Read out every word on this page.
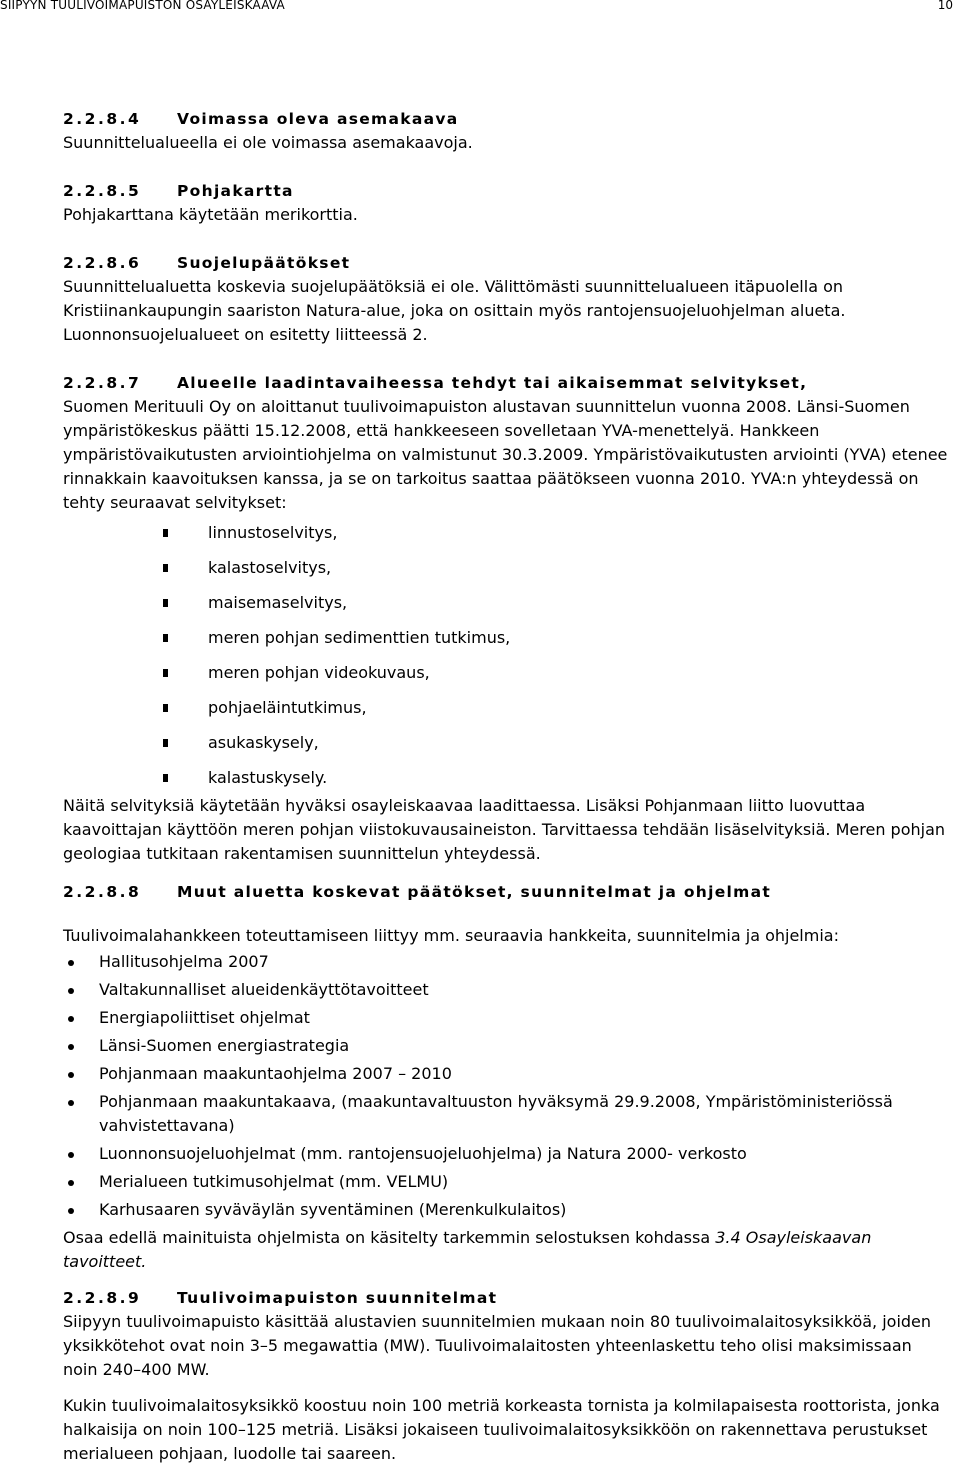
SIIPYYN TUULIVOIMAPUISTON OSAYLEISKAAVA	10
2.2.8.4 Voimassa oleva asemakaava

Suunnittelualueella ei ole voimassa asemakaavoja.

2.2.8.5 Pohjakartta

Pohjakarttana käytetään merikorttia.

2.2.8.6 Suojelupäätökset

Suunnittelualuetta koskevia suojelupäätöksiä ei ole. Välittömästi suunnittelualueen itäpuolella on Kristiinankaupungin saariston Natura-alue, joka on osittain myös rantojensuojeluohjelman alueta. Luonnonsuojelualueet on esitetty liitteessä 2.

2.2.8.7 Alueelle laadintavaiheessa tehdyt tai aikaisemmat selvitykset,

Suomen Merituuli Oy on aloittanut tuulivoimapuiston alustavan suunnittelun vuonna 2008. Länsi-Suomen ympäristökeskus päätti 15.12.2008, että hankkeeseen sovelletaan YVA-menettelyä. Hankkeen ympäristövaikutusten arviointiohjelma on valmistunut 30.3.2009. Ympäristövaikutusten arviointi (YVA) etenee rinnakkain kaavoituksen kanssa, ja se on tarkoitus saattaa päätökseen vuonna 2010. YVA:n yhteydessä on tehty seuraavat selvitykset:

linnustoselvitys,
kalastoselvitys,
maisemaselvitys,
meren pohjan sedimenttien tutkimus,
meren pohjan videokuvaus,
pohjaeläintutkimus,
asukaskysely,
kalastuskysely.

Näitä selvityksiä käytetään hyväksi osayleiskaavaa laadittaessa. Lisäksi Pohjanmaan liitto luovuttaa kaavoittajan käyttöön meren pohjan viistokuvausaineiston. Tarvittaessa tehdään lisäselvityksiä. Meren pohjan geologiaa tutkitaan rakentamisen suunnittelun yhteydessä.

2.2.8.8 Muut aluetta koskevat päätökset, suunnitelmat ja ohjelmat

Tuulivoimalahankkeen toteuttamiseen liittyy mm. seuraavia hankkeita, suunnitelmia ja ohjelmia:

Hallitusohjelma 2007
Valtakunnalliset alueidenkäyttötavoitteet
Energiapoliittiset ohjelmat
Länsi-Suomen energiastrategia
Pohjanmaan maakuntaohjelma 2007 – 2010
Pohjanmaan maakuntakaava, (maakuntavaltuuston hyväksymä 29.9.2008, Ympäristöministeriössä vahvistettavana)
Luonnonsuojeluohjelmat (mm. rantojensuojeluohjelma) ja Natura 2000- verkosto
Merialueen tutkimusohjelmat (mm. VELMU)
Karhusaaren syväväylän syventäminen (Merenkulkulaitos)

Osaa edellä mainituista ohjelmista on käsitelty tarkemmin selostuksen kohdassa 3.4 Osayleiskaavan tavoitteet.

2.2.8.9 Tuulivoimapuiston suunnitelmat

Siipyyn tuulivoimapuisto käsittää alustavien suunnitelmien mukaan noin 80 tuulivoimalaitosyksikköä, joiden yksikkötehot ovat noin 3–5 megawattia (MW). Tuulivoimalaitosten yhteenlaskettu teho olisi maksimissaan noin 240–400 MW.

Kukin tuulivoimalaitosyksikkö koostuu noin 100 metriä korkeasta tornista ja kolmilapaisesta roottorista, jonka halkaisija on noin 100–125 metriä. Lisäksi jokaiseen tuulivoimalaitosyksikköön on rakennettava perustukset merialueen pohjaan, luodolle tai saareen.
